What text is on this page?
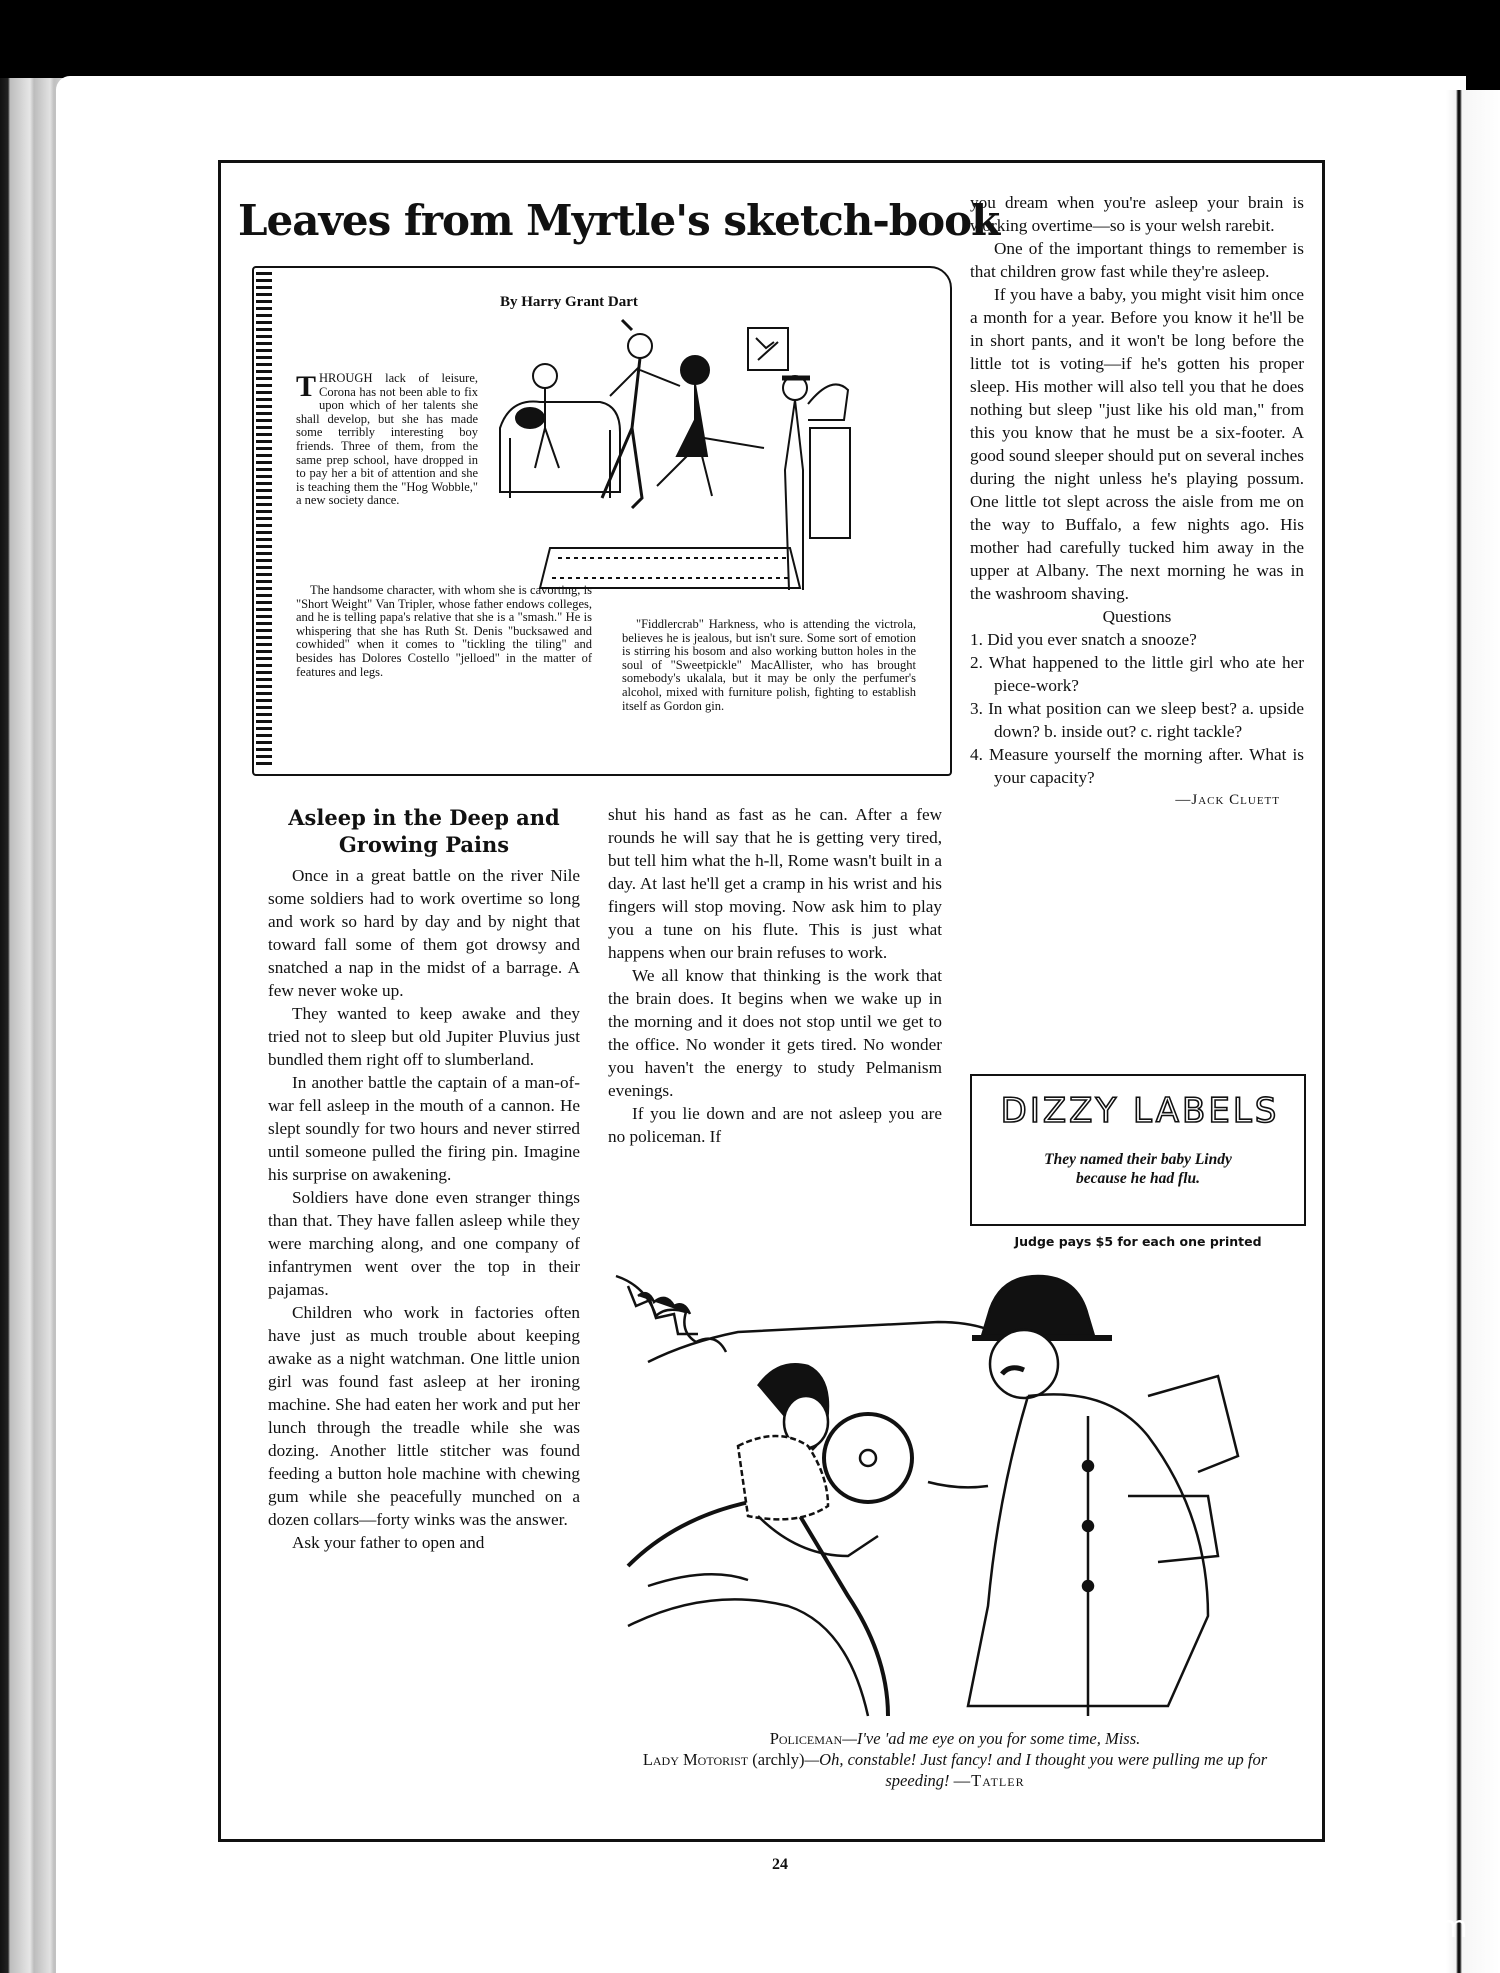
Leaves from Myrtle's sketch-book
By Harry Grant Dart

THROUGH lack of leisure, Corona has not been able to fix upon which of her talents she shall develop, but she has made some terribly interesting boy friends. Three of them, from the same prep school, have dropped in to pay her a bit of attention and she is teaching them the "Hog Wobble," a new society dance.

The handsome character, with whom she is cavorting, is "Short Weight" Van Tripler, whose father endows colleges, and he is telling papa's relative that she is a "smash." He is whispering that she has Ruth St. Denis "bucksawed and cowhided" when it comes to "tickling the tiling" and besides has Dolores Costello "jelloed" in the matter of features and legs.

"Fiddlercrab" Harkness, who is attending the victrola, believes he is jealous, but isn't sure. Some sort of emotion is stirring his bosom and also working button holes in the soul of "Sweetpickle" MacAllister, who has brought somebody's ukalala, but it may be only the perfumer's alcohol, mixed with furniture polish, fighting to establish itself as Gordon gin.

Asleep in the Deep and Growing Pains

Once in a great battle on the river Nile some soldiers had to work overtime so long and work so hard by day and by night that toward fall some of them got drowsy and snatched a nap in the midst of a barrage. A few never woke up.

They wanted to keep awake and they tried not to sleep but old Jupiter Pluvius just bundled them right off to slumberland.

In another battle the captain of a man-of-war fell asleep in the mouth of a cannon. He slept soundly for two hours and never stirred until someone pulled the firing pin. Imagine his surprise on awakening.

Soldiers have done even stranger things than that. They have fallen asleep while they were marching along, and one company of infantrymen went over the top in their pajamas.

Children who work in factories often have just as much trouble about keeping awake as a night watchman. One little union girl was found fast asleep at her ironing machine. She had eaten her work and put her lunch through the treadle while she was dozing. Another little stitcher was found feeding a button hole machine with chewing gum while she peacefully munched on a dozen collars—forty winks was the answer.

Ask your father to open and

shut his hand as fast as he can. After a few rounds he will say that he is getting very tired, but tell him what the h-ll, Rome wasn't built in a day. At last he'll get a cramp in his wrist and his fingers will stop moving. Now ask him to play you a tune on his flute. This is just what happens when our brain refuses to work.

We all know that thinking is the work that the brain does. It begins when we wake up in the morning and it does not stop until we get to the office. No wonder it gets tired. No wonder you haven't the energy to study Pelmanism evenings.

If you lie down and are not asleep you are no policeman. If

you dream when you're asleep your brain is working overtime—so is your welsh rarebit.

One of the important things to remember is that children grow fast while they're asleep.

If you have a baby, you might visit him once a month for a year. Before you know it he'll be in short pants, and it won't be long before the little tot is voting—if he's gotten his proper sleep. His mother will also tell you that he does nothing but sleep "just like his old man," from this you know that he must be a six-footer. A good sound sleeper should put on several inches during the night unless he's playing possum. One little tot slept across the aisle from me on the way to Buffalo, a few nights ago. His mother had carefully tucked him away in the upper at Albany. The next morning he was in the washroom shaving.

Questions

1. Did you ever snatch a snooze?
2. What happened to the little girl who ate her piece-work?
3. In what position can we sleep best? a. upside down? b. inside out? c. right tackle?
4. Measure yourself the morning after. What is your capacity?

—Jack Cluett

DIZZY LABELS
They named their baby Lindy
because he had flu.
Judge pays $5 for each one printed

Policeman—I've 'ad me eye on you for some time, Miss.

Lady Motorist (archly)—Oh, constable! Just fancy! and I thought you were pulling me up for speeding! —Tatler

24
comicbooks.com
